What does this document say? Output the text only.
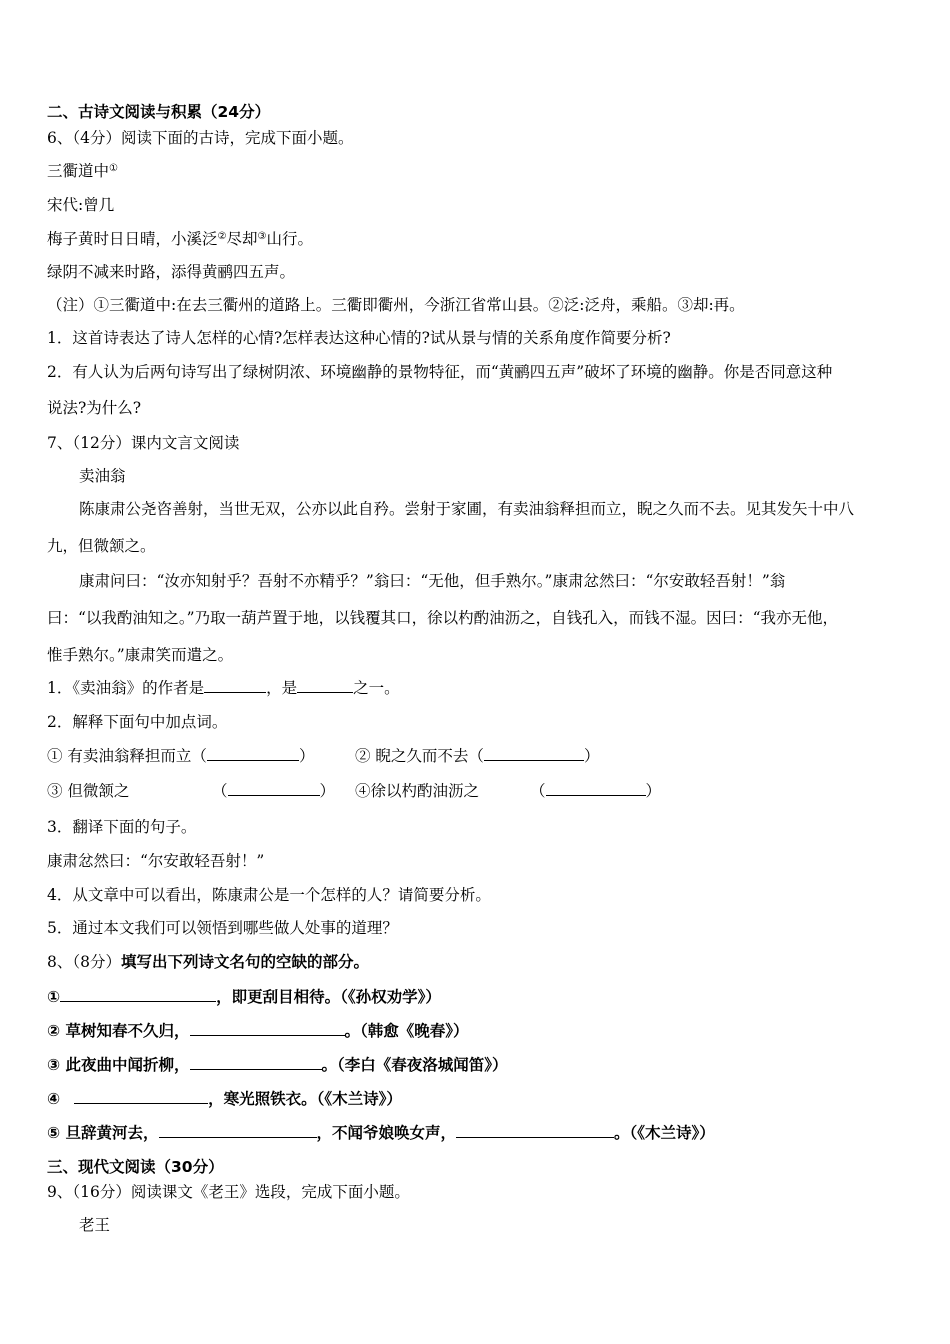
二、古诗文阅读与积累（24分）
6、（4分）阅读下面的古诗，完成下面小题。
三衢道中①
宋代:曾几
梅子黄时日日晴，小溪泛②尽却③山行。
绿阴不减来时路，添得黄鹂四五声。
（注）①三衢道中:在去三衢州的道路上。三衢即衢州，今浙江省常山县。②泛:泛舟，乘船。③却:再。
1．这首诗表达了诗人怎样的心情?怎样表达这种心情的?试从景与情的关系角度作简要分析?
2．有人认为后两句诗写出了绿树阴浓、环境幽静的景物特征，而“黄鹂四五声”破坏了环境的幽静。你是否同意这种
说法?为什么?
7、（12分）课内文言文阅读
卖油翁
陈康肃公尧咨善射，当世无双，公亦以此自矜。尝射于家圃，有卖油翁释担而立，睨之久而不去。见其发矢十中八
九，但微颔之。
康肃问曰：“汝亦知射乎？吾射不亦精乎？”翁曰：“无他，但手熟尔。”康肃忿然曰：“尔安敢轻吾射！”翁
曰：“以我酌油知之。”乃取一葫芦置于地，以钱覆其口，徐以杓酌油沥之，自钱孔入，而钱不湿。因曰：“我亦无他，
惟手熟尔。”康肃笑而遣之。
1．《卖油翁》的作者是	，是	之一。
2．解释下面句中加点词。
① 有卖油翁释担而立（	）	② 睨之久而不去（	）
③ 但微颔之	（	） ④徐以杓酌油沥之	（	）
3．翻译下面的句子。
康肃忿然曰：“尔安敢轻吾射！”
4．从文章中可以看出，陈康肃公是一个怎样的人？请简要分析。
5．通过本文我们可以领悟到哪些做人处事的道理？
8、（8分）填写出下列诗文名句的空缺的部分。
①	，即更刮目相待。（《孙权劝学》）
② 草树知春不久归，	。（韩愈《晚春》）
③ 此夜曲中闻折柳，	。（李白《春夜洛城闻笛》）
④	，寒光照铁衣。（《木兰诗》）
⑤ 旦辞黄河去，	，不闻爷娘唤女声，	。（《木兰诗》）
三、现代文阅读（30分）
9、（16分）阅读课文《老王》选段，完成下面小题。
老王
